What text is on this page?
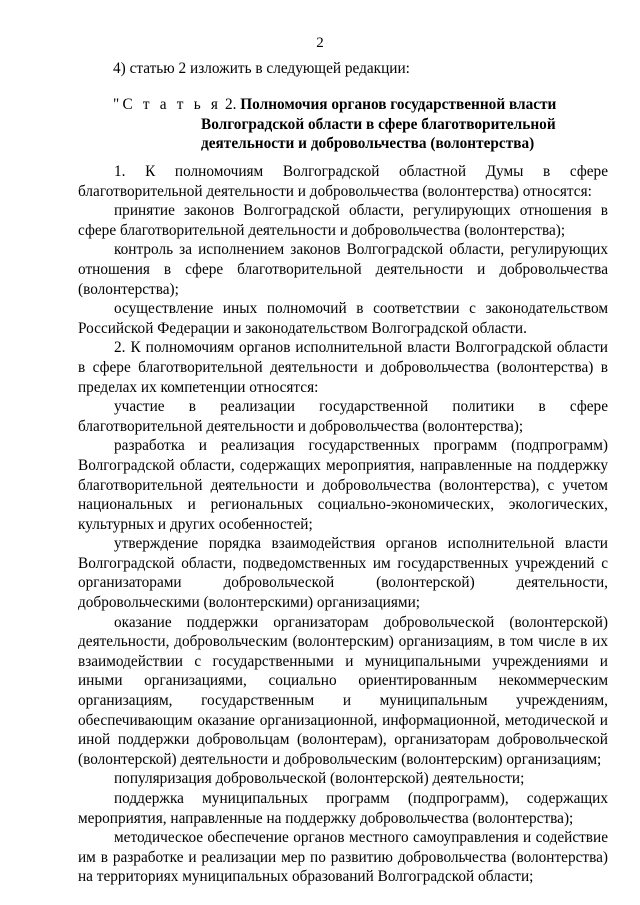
2
4) статью 2 изложить в следующей редакции:
"С т а т ь я 2. Полномочия органов государственной власти
Волгоградской области в сфере благотворительной
деятельности и добровольчества (волонтерства)

1. К полномочиям Волгоградской областной Думы в сфере благотворительной деятельности и добровольчества (волонтерства) относятся:

принятие законов Волгоградской области, регулирующих отношения в сфере благотворительной деятельности и добровольчества (волонтерства);

контроль за исполнением законов Волгоградской области, регулирующих отношения в сфере благотворительной деятельности и добровольчества (волонтерства);

осуществление иных полномочий в соответствии с законодательством Российской Федерации и законодательством Волгоградской области.

2. К полномочиям органов исполнительной власти Волгоградской области в сфере благотворительной деятельности и добровольчества (волонтерства) в пределах их компетенции относятся:

участие в реализации государственной политики в сфере благотворительной деятельности и добровольчества (волонтерства);

разработка и реализация государственных программ (подпрограмм) Волгоградской области, содержащих мероприятия, направленные на поддержку благотворительной деятельности и добровольчества (волонтерства), с учетом национальных и региональных социально-экономических, экологических, культурных и других особенностей;

утверждение порядка взаимодействия органов исполнительной власти Волгоградской области, подведомственных им государственных учреждений с организаторами добровольческой (волонтерской) деятельности, добровольческими (волонтерскими) организациями;

оказание поддержки организаторам добровольческой (волонтерской) деятельности, добровольческим (волонтерским) организациям, в том числе в их взаимодействии с государственными и муниципальными учреждениями и иными организациями, социально ориентированным некоммерческим организациям, государственным и муниципальным учреждениям, обеспечивающим оказание организационной, информационной, методической и иной поддержки добровольцам (волонтерам), организаторам добровольческой (волонтерской) деятельности и добровольческим (волонтерским) организациям;

популяризация добровольческой (волонтерской) деятельности;

поддержка муниципальных программ (подпрограмм), содержащих мероприятия, направленные на поддержку добровольчества (волонтерства);

методическое обеспечение органов местного самоуправления и содействие им в разработке и реализации мер по развитию добровольчества (волонтерства) на территориях муниципальных образований Волгоградской области;
